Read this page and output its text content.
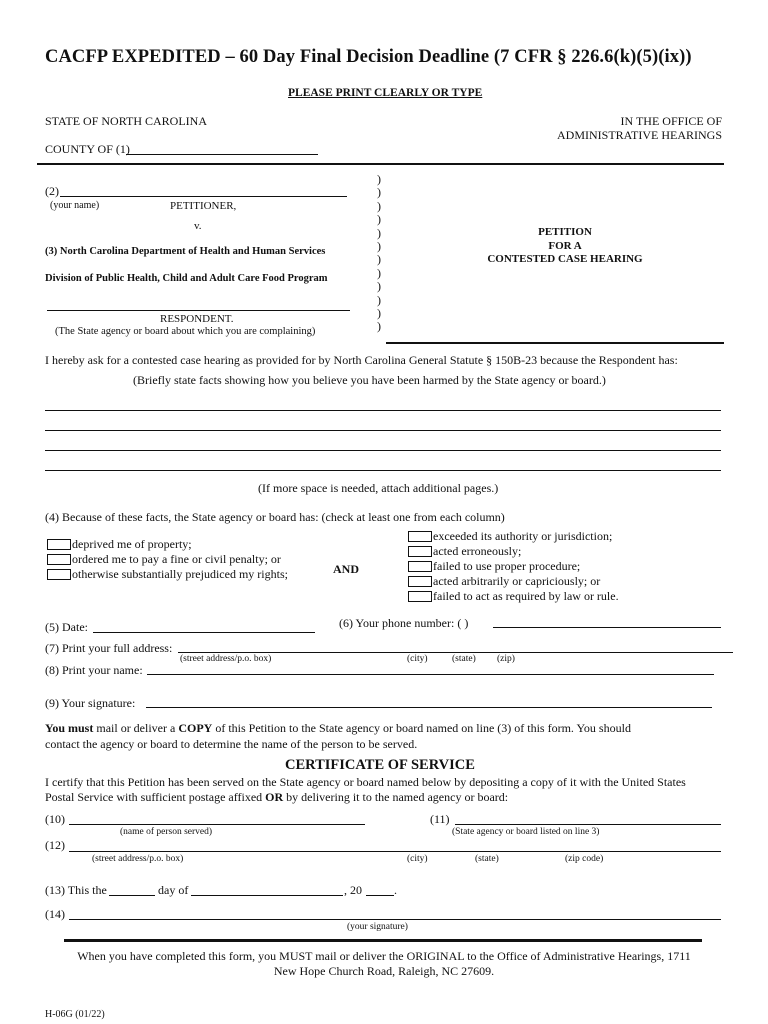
CACFP EXPEDITED – 60 Day Final Decision Deadline (7 CFR § 226.6(k)(5)(ix))
PLEASE PRINT CLEARLY OR TYPE
STATE OF NORTH CAROLINA	IN THE OFFICE OF
ADMINISTRATIVE HEARINGS
COUNTY OF (1)
(2)
(your name)	PETITIONER,
v.
(3) North Carolina Department of Health and Human Services
Division of Public Health, Child and Adult Care Food Program
RESPONDENT.
(The State agency or board about which you are complaining)
)
)
)
)
)
)
)
)
)
)
)
)
PETITION
FOR A
CONTESTED CASE HEARING
I hereby ask for a contested case hearing as provided for by North Carolina General Statute § 150B-23 because the Respondent has:
(Briefly state facts showing how you believe you have been harmed by the State agency or board.)
(If more space is needed, attach additional pages.)
(4) Because of these facts, the State agency or board has: (check at least one from each column)
deprived me of property;
ordered me to pay a fine or civil penalty; or
otherwise substantially prejudiced my rights;	AND
exceeded its authority or jurisdiction;
acted erroneously;
failed to use proper procedure;
acted arbitrarily or capriciously; or
failed to act as required by law or rule.
(5) Date:	(6) Your phone number: ( )
(7) Print your full address:
(street address/p.o. box)	(city)	(state) (zip)
(8) Print your name:
(9) Your signature:
You must mail or deliver a COPY of this Petition to the State agency or board named on line (3) of this form. You should
contact the agency or board to determine the name of the person to be served.
CERTIFICATE OF SERVICE
I certify that this Petition has been served on the State agency or board named below by depositing a copy of it with the United States
Postal Service with sufficient postage affixed OR by delivering it to the named agency or board:
(10)
(name of person served)
(11)
(State agency or board listed on line 3)
(12)
(street address/p.o. box)	(city)	(state)	(zip code)
(13) This the	day of	, 20	.
(14)
(your signature)
When you have completed this form, you MUST mail or deliver the ORIGINAL to the Office of Administrative Hearings, 1711
New Hope Church Road, Raleigh, NC 27609.
H-06G (01/22)
